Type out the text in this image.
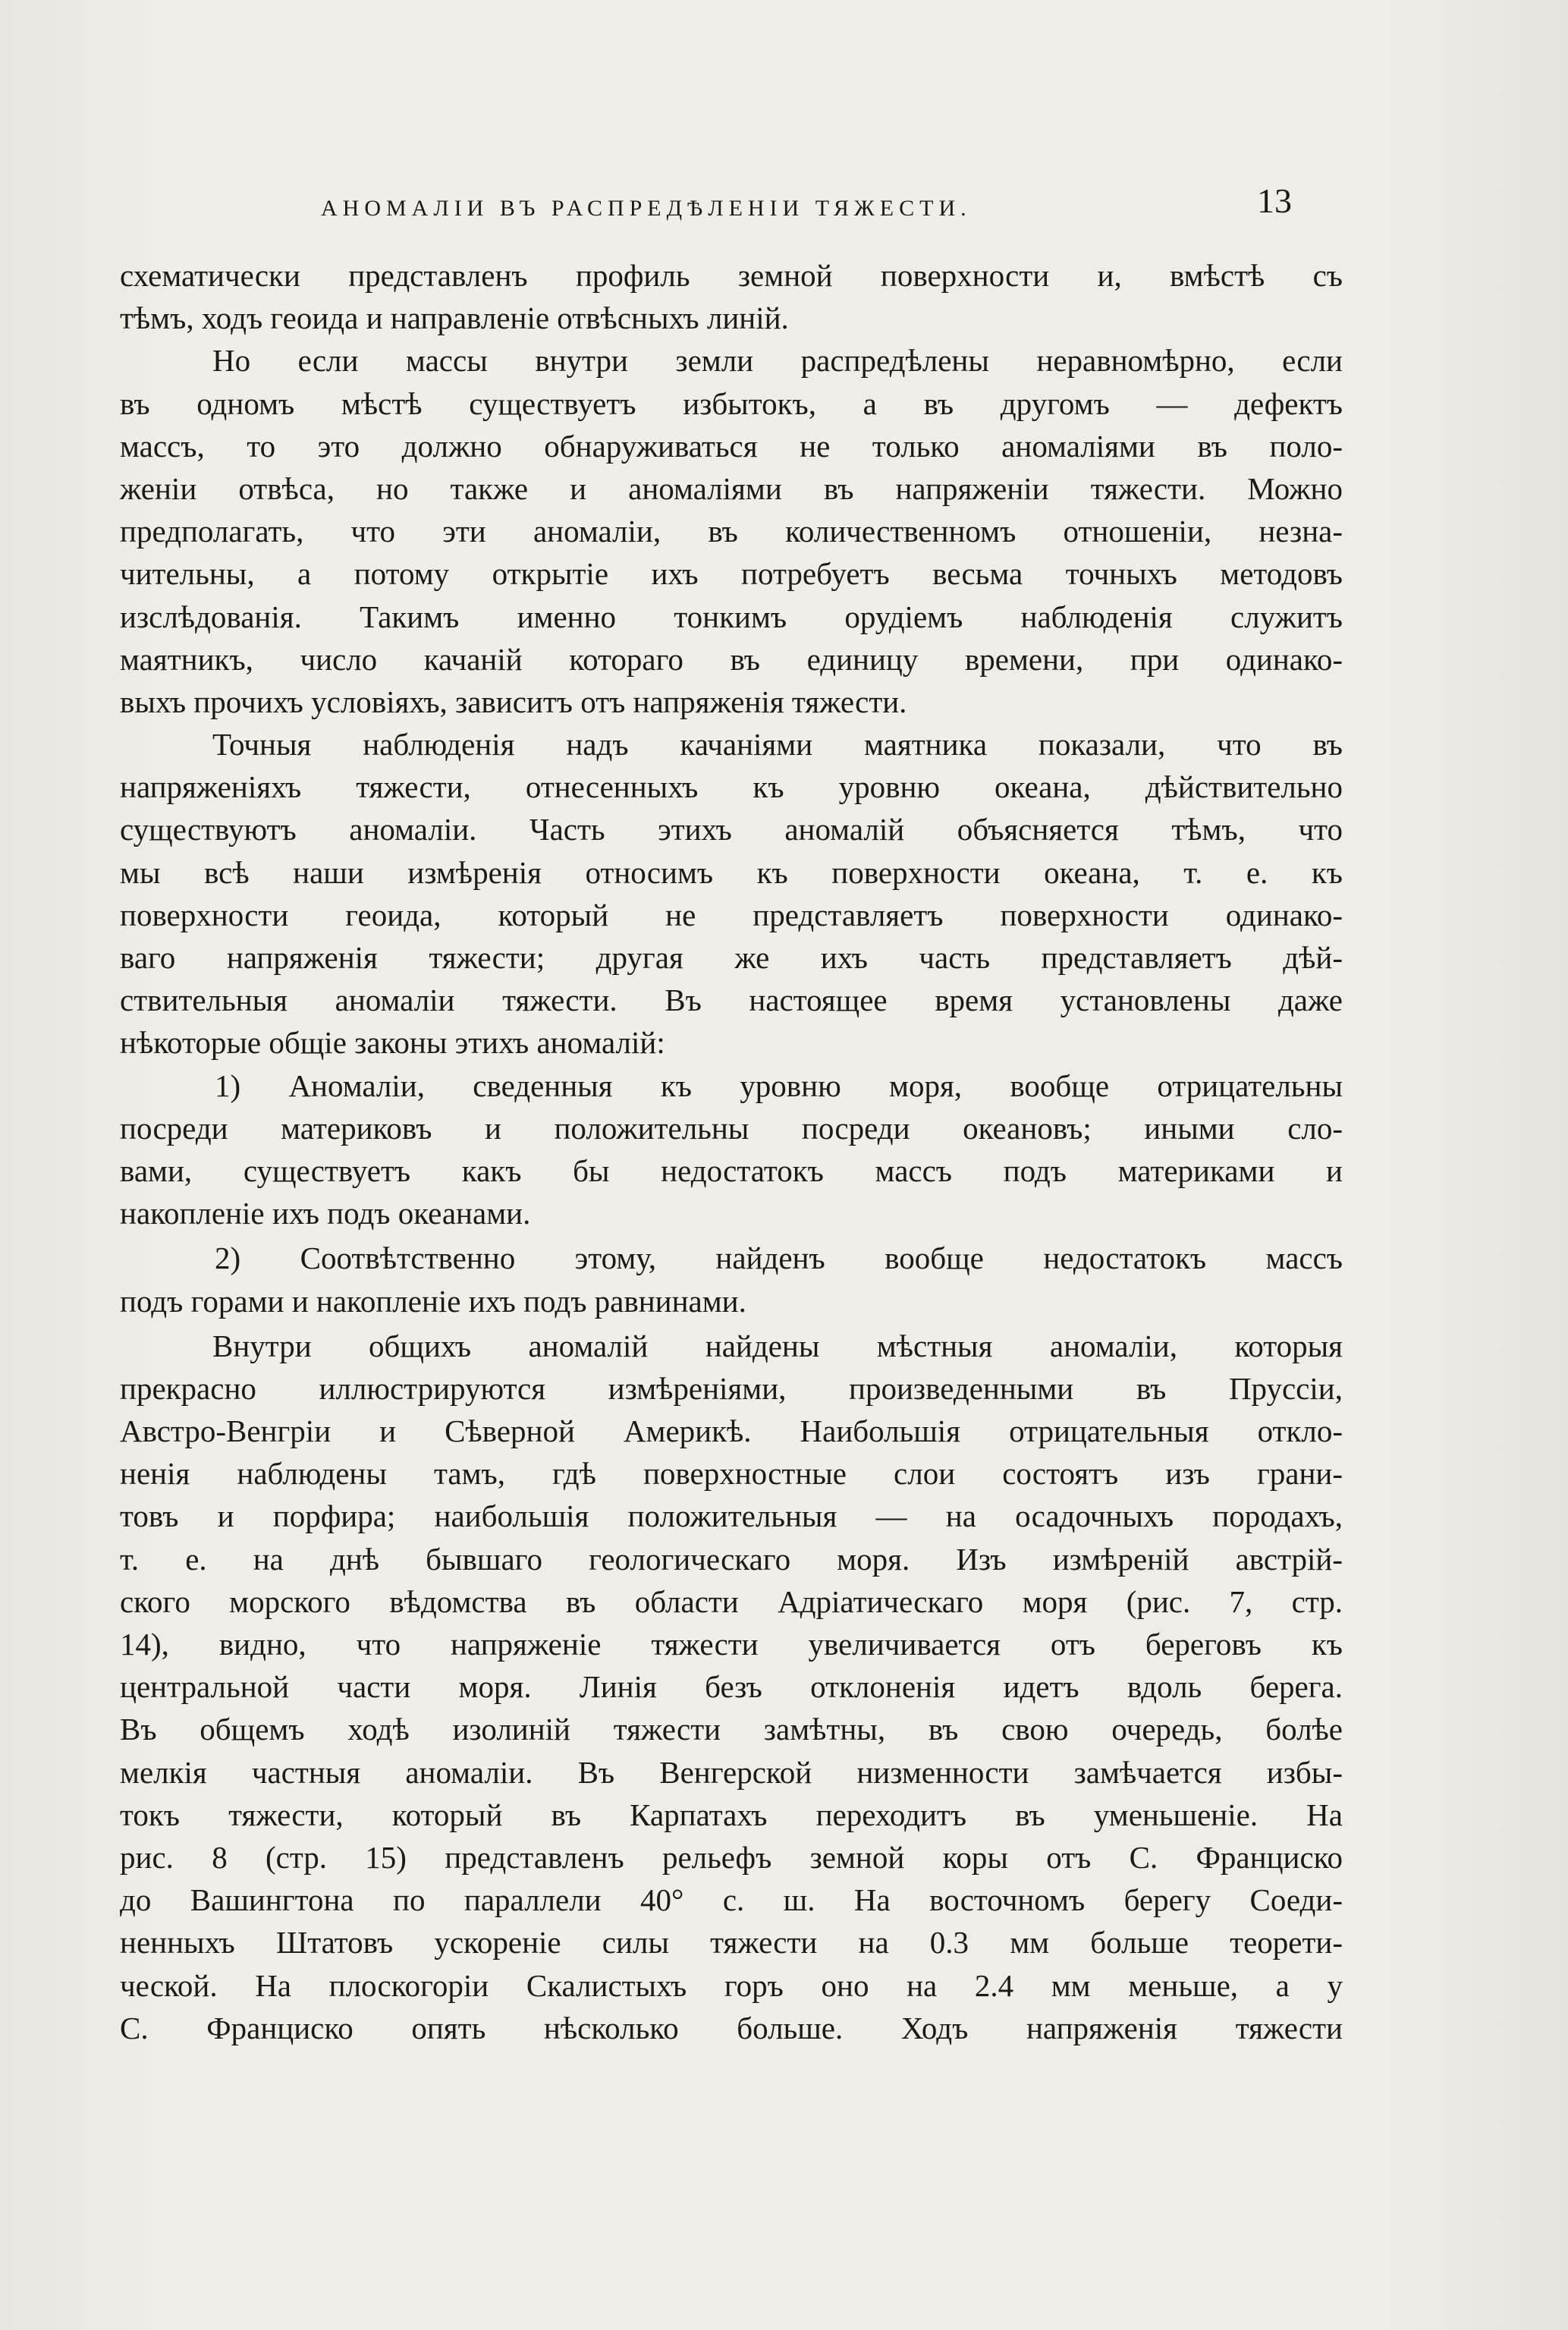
АНОМАЛІИ ВЪ РАСПРЕДѢЛЕНІИ ТЯЖЕСТИ.	13
схематически представленъ профиль земной поверхности и, вмѣстѣ съ
тѣмъ, ходъ геоида и направленіе отвѣсныхъ линій.
Но если массы внутри земли распредѣлены неравномѣрно, если
въ одномъ мѣстѣ существуетъ избытокъ, а въ другомъ — дефектъ
массъ, то это должно обнаруживаться не только аномаліями въ поло-
женіи отвѣса, но также и аномаліями въ напряженіи тяжести. Можно
предполагать, что эти аномаліи, въ количественномъ отношеніи, незна-
чительны, а потому открытіе ихъ потребуетъ весьма точныхъ методовъ
изслѣдованія. Такимъ именно тонкимъ орудіемъ наблюденія служитъ
маятникъ, число качаній котораго въ единицу времени, при одинако-
выхъ прочихъ условіяхъ, зависитъ отъ напряженія тяжести.
Точныя наблюденія надъ качаніями маятника показали, что въ
напряженіяхъ тяжести, отнесенныхъ къ уровню океана, дѣйствительно
существуютъ аномаліи. Часть этихъ аномалій объясняется тѣмъ, что
мы всѣ наши измѣренія относимъ къ поверхности океана, т. е. къ
поверхности геоида, который не представляетъ поверхности одинако-
ваго напряженія тяжести; другая же ихъ часть представляетъ дѣй-
ствительныя аномаліи тяжести. Въ настоящее время установлены даже
нѣкоторые общіе законы этихъ аномалій:
1) Аномаліи, сведенныя къ уровню моря, вообще отрицательны
посреди материковъ и положительны посреди океановъ; иными сло-
вами, существуетъ какъ бы недостатокъ массъ подъ материками и
накопленіе ихъ подъ океанами.
2) Соотвѣтственно этому, найденъ вообще недостатокъ массъ
подъ горами и накопленіе ихъ подъ равнинами.
Внутри общихъ аномалій найдены мѣстныя аномаліи, которыя
прекрасно иллюстрируются измѣреніями, произведенными въ Пруссіи,
Австро-Венгріи и Сѣверной Америкѣ. Наибольшія отрицательныя откло-
ненія наблюдены тамъ, гдѣ поверхностные слои состоятъ изъ грани-
товъ и порфира; наибольшія положительныя — на осадочныхъ породахъ,
т. е. на днѣ бывшаго геологическаго моря. Изъ измѣреній австрій-
ского морского вѣдомства въ области Адріатическаго моря (рис. 7, стр.
14), видно, что напряженіе тяжести увеличивается отъ береговъ къ
центральной части моря. Линія безъ отклоненія идетъ вдоль берега.
Въ общемъ ходѣ изолиній тяжести замѣтны, въ свою очередь, болѣе
мелкія частныя аномаліи. Въ Венгерской низменности замѣчается избы-
токъ тяжести, который въ Карпатахъ переходитъ въ уменьшеніе. На
рис. 8 (стр. 15) представленъ рельефъ земной коры отъ С. Франциско
до Вашингтона по параллели 40° с. ш. На восточномъ берегу Соеди-
ненныхъ Штатовъ ускореніе силы тяжести на 0.3 мм больше теорети-
ческой. На плоскогоріи Скалистыхъ горъ оно на 2.4 мм меньше, а у
С. Франциско опять нѣсколько больше. Ходъ напряженія тяжести
